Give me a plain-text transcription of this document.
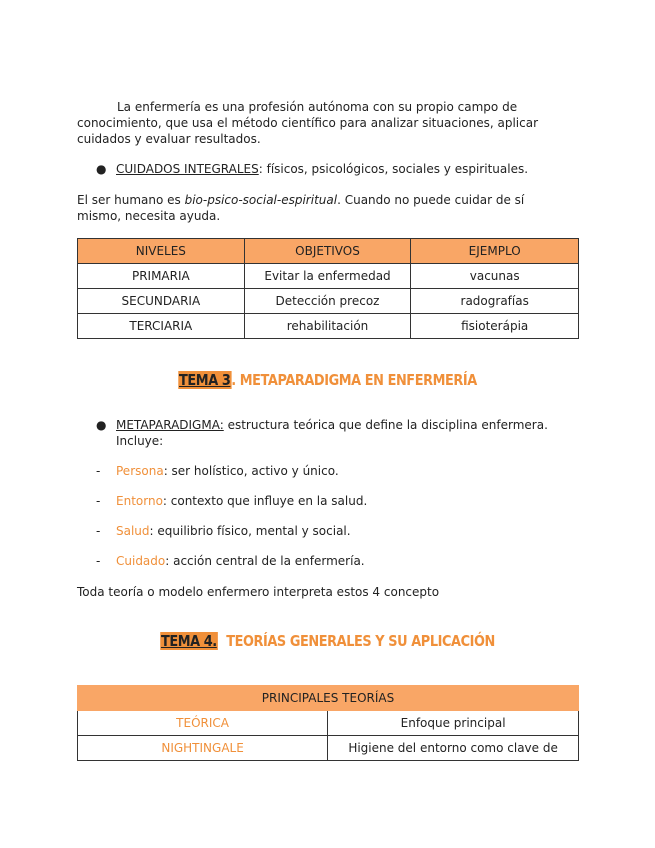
La enfermería es una profesión autónoma con su propio campo de conocimiento, que usa el método científico para analizar situaciones, aplicar cuidados y evaluar resultados.

● CUIDADOS INTEGRALES: físicos, psicológicos, sociales y espirituales.

El ser humano es bio-psico-social-espiritual. Cuando no puede cuidar de sí mismo, necesita ayuda.

NIVELES	OBJETIVOS	EJEMPLO
PRIMARIA	Evitar la enfermedad	vacunas
SECUNDARIA	Detección precoz	radografías
TERCIARIA	rehabilitación	fisioterápia
TEMA 3. METAPARADIGMA EN ENFERMERÍA
● METAPARADIGMA: estructura teórica que define la disciplina enfermera. Incluye:
- Persona: ser holístico, activo y único.
- Entorno: contexto que influye en la salud.
- Salud: equilibrio físico, mental y social.
- Cuidado: acción central de la enfermería.

Toda teoría o modelo enfermero interpreta estos 4 concepto

TEMA 4. TEORÍAS GENERALES Y SU APLICACIÓN
PRINCIPALES TEORÍAS	
TEÓRICA	Enfoque principal
NIGHTINGALE	Higiene del entorno como clave de
